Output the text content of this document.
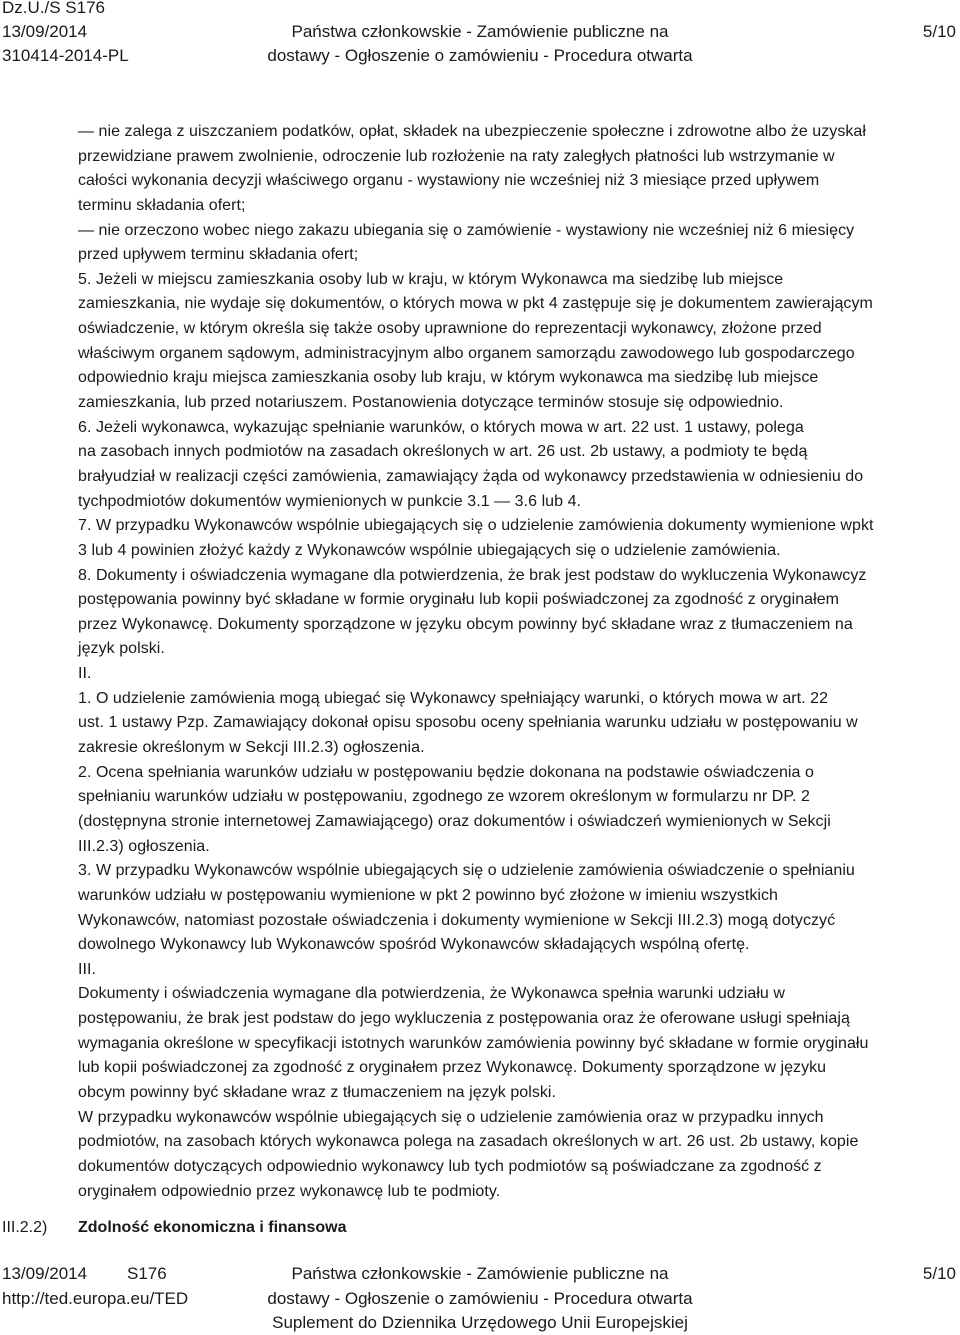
Dz.U./S S176
13/09/2014
310414-2014-PL
Państwa członkowskie - Zamówienie publiczne na
dostawy - Ogłoszenie o zamówieniu - Procedura otwarta
5/10
— nie zalega z uiszczaniem podatków, opłat, składek na ubezpieczenie społeczne i zdrowotne albo że uzyskał
przewidziane prawem zwolnienie, odroczenie lub rozłożenie na raty zaległych płatności lub wstrzymanie w
całości wykonania decyzji właściwego organu - wystawiony nie wcześniej niż 3 miesiące przed upływem
terminu składania ofert;
— nie orzeczono wobec niego zakazu ubiegania się o zamówienie - wystawiony nie wcześniej niż 6 miesięcy
przed upływem terminu składania ofert;
5. Jeżeli w miejscu zamieszkania osoby lub w kraju, w którym Wykonawca ma siedzibę lub miejsce
zamieszkania, nie wydaje się dokumentów, o których mowa w pkt 4 zastępuje się je dokumentem zawierającym
oświadczenie, w którym określa się także osoby uprawnione do reprezentacji wykonawcy, złożone przed
właściwym organem sądowym, administracyjnym albo organem samorządu zawodowego lub gospodarczego
odpowiednio kraju miejsca zamieszkania osoby lub kraju, w którym wykonawca ma siedzibę lub miejsce
zamieszkania, lub przed notariuszem. Postanowienia dotyczące terminów stosuje się odpowiednio.
6. Jeżeli wykonawca, wykazując spełnianie warunków, o których mowa w art. 22 ust. 1 ustawy, polega
na zasobach innych podmiotów na zasadach określonych w art. 26 ust. 2b ustawy, a podmioty te będą
brałyudział w realizacji części zamówienia, zamawiający żąda od wykonawcy przedstawienia w odniesieniu do
tychpodmiotów dokumentów wymienionych w punkcie 3.1 — 3.6 lub 4.
7. W przypadku Wykonawców wspólnie ubiegających się o udzielenie zamówienia dokumenty wymienione wpkt
3 lub 4 powinien złożyć każdy z Wykonawców wspólnie ubiegających się o udzielenie zamówienia.
8. Dokumenty i oświadczenia wymagane dla potwierdzenia, że brak jest podstaw do wykluczenia Wykonawcyz
postępowania powinny być składane w formie oryginału lub kopii poświadczonej za zgodność z oryginałem
przez Wykonawcę. Dokumenty sporządzone w języku obcym powinny być składane wraz z tłumaczeniem na
język polski.
II.
1. O udzielenie zamówienia mogą ubiegać się Wykonawcy spełniający warunki, o których mowa w art. 22
ust. 1 ustawy Pzp. Zamawiający dokonał opisu sposobu oceny spełniania warunku udziału w postępowaniu w
zakresie określonym w Sekcji III.2.3) ogłoszenia.
2. Ocena spełniania warunków udziału w postępowaniu będzie dokonana na podstawie oświadczenia o
spełnianiu warunków udziału w postępowaniu, zgodnego ze wzorem określonym w formularzu nr DP. 2
(dostępnyna stronie internetowej Zamawiającego) oraz dokumentów i oświadczeń wymienionych w Sekcji
III.2.3) ogłoszenia.
3. W przypadku Wykonawców wspólnie ubiegających się o udzielenie zamówienia oświadczenie o spełnianiu
warunków udziału w postępowaniu wymienione w pkt 2 powinno być złożone w imieniu wszystkich
Wykonawców, natomiast pozostałe oświadczenia i dokumenty wymienione w Sekcji III.2.3) mogą dotyczyć
dowolnego Wykonawcy lub Wykonawców spośród Wykonawców składających wspólną ofertę.
III.
Dokumenty i oświadczenia wymagane dla potwierdzenia, że Wykonawca spełnia warunki udziału w
postępowaniu, że brak jest podstaw do jego wykluczenia z postępowania oraz że oferowane usługi spełniają
wymagania określone w specyfikacji istotnych warunków zamówienia powinny być składane w formie oryginału
lub kopii poświadczonej za zgodność z oryginałem przez Wykonawcę. Dokumenty sporządzone w języku
obcym powinny być składane wraz z tłumaczeniem na język polski.
W przypadku wykonawców wspólnie ubiegających się o udzielenie zamówienia oraz w przypadku innych
podmiotów, na zasobach których wykonawca polega na zasadach określonych w art. 26 ust. 2b ustawy, kopie
dokumentów dotyczących odpowiednio wykonawcy lub tych podmiotów są poświadczane za zgodność z
oryginałem odpowiednio przez wykonawcę lub te podmioty.
III.2.2) Zdolność ekonomiczna i finansowa
13/09/2014 S176
http://ted.europa.eu/TED
Państwa członkowskie - Zamówienie publiczne na
dostawy - Ogłoszenie o zamówieniu - Procedura otwarta
Suplement do Dziennika Urzędowego Unii Europejskiej
5/10
